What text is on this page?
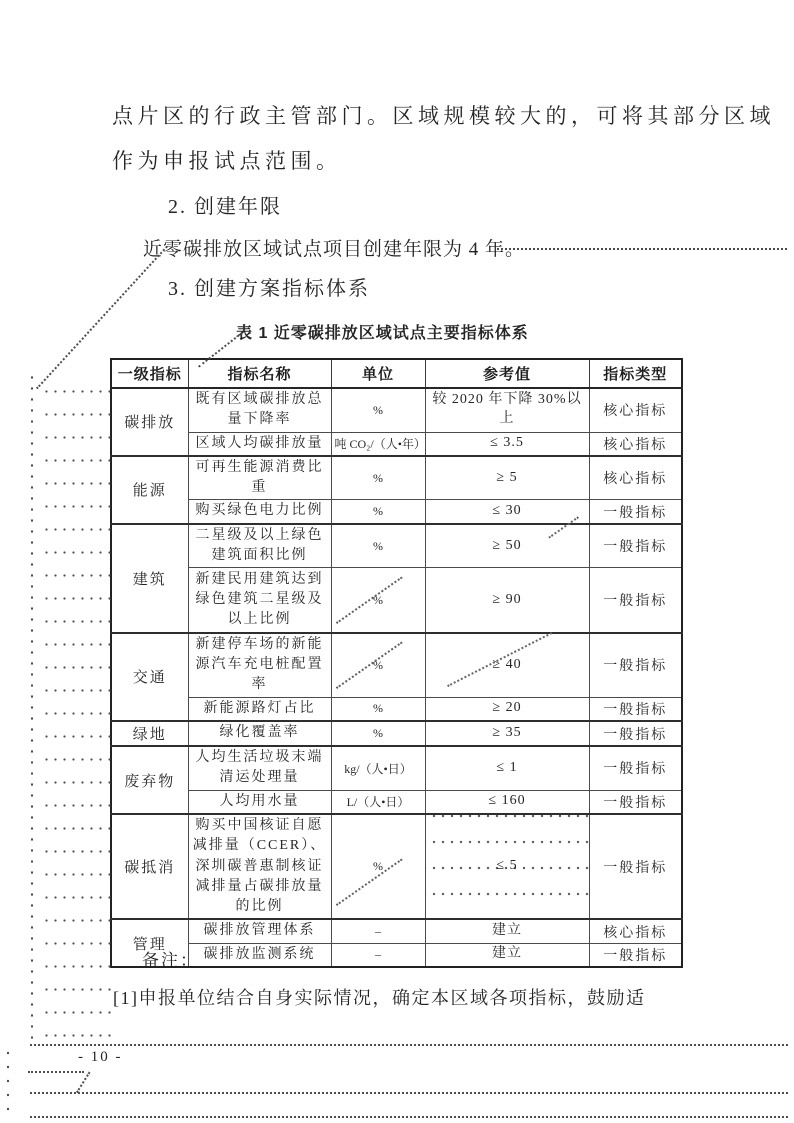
点片区的行政主管部门。区域规模较大的，可将其部分区域
作为申报试点范围。
2. 创建年限
近零碳排放区域试点项目创建年限为 4 年。
3. 创建方案指标体系
表 1 近零碳排放区域试点主要指标体系
一级指标	指标名称	单位	参考值	指标类型
碳排放	既有区域碳排放总量下降率	%	较 2020 年下降 30%以上	核心指标
	区域人均碳排放量	吨 CO₂/（人•年）	≤ 3.5	核心指标
能源	可再生能源消费比重	%	≥ 5	核心指标
	购买绿色电力比例	%	≤ 30	一般指标
建筑	二星级及以上绿色建筑面积比例	%	≥ 50	一般指标
	新建民用建筑达到绿色建筑二星级及以上比例	%	≥ 90	一般指标
交通	新建停车场的新能源汽车充电桩配置率	%	≥ 40	一般指标
	新能源路灯占比	%	≥ 20	一般指标
绿地	绿化覆盖率	%	≥ 35	一般指标
废弃物	人均生活垃圾末端清运处理量	kg/（人•日）	≤ 1	一般指标
	人均用水量	L/（人•日）	≤ 160	一般指标
碳抵消	购买中国核证自愿减排量（CCER）、深圳碳普惠制核证减排量占碳排放量的比例	%	≤ 5	一般指标
管理	碳排放管理体系	–	建立	核心指标
	碳排放监测系统	–	建立	一般指标
备注：
[1]申报单位结合自身实际情况，确定本区域各项指标，鼓励适
- 10 -
